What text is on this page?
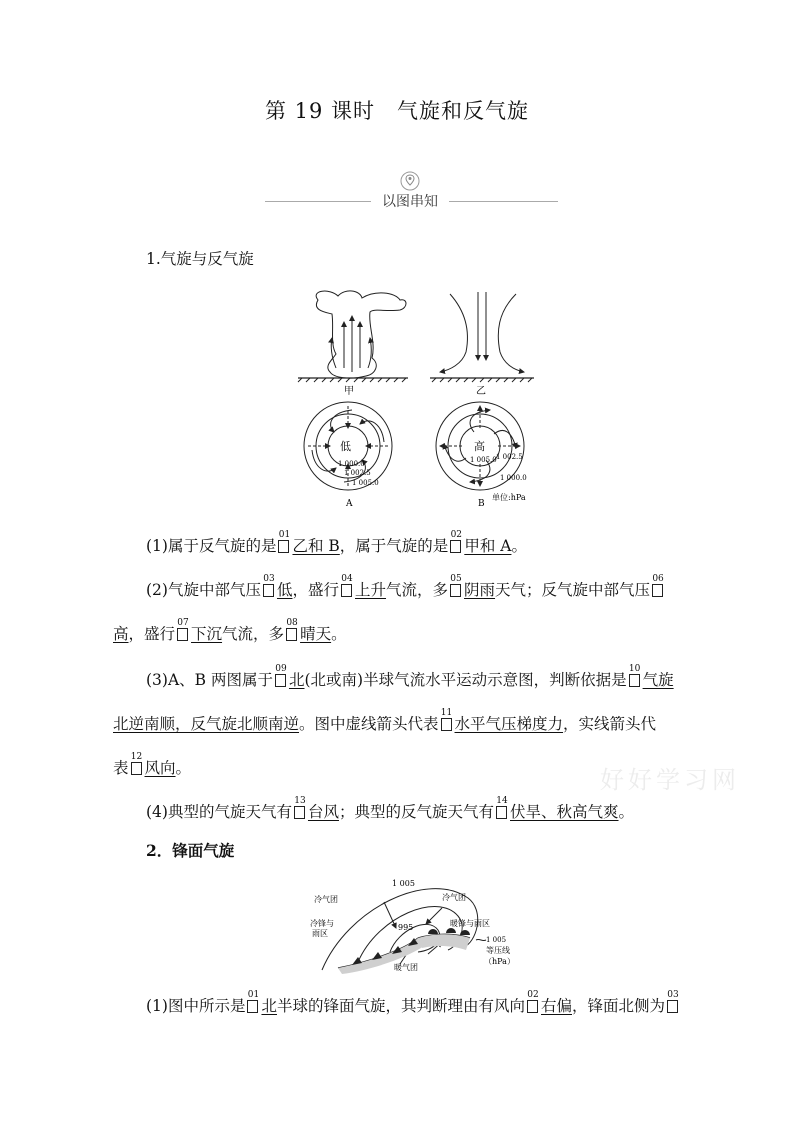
第 19 课时　气旋和反气旋
以图串知
1.气旋与反气旋
甲	乙
低
1 000.0
1 002.5
1 005.0
A
高
1 005.0 1 002.5
1 000.0
B
单位:hPa
(1)属于反气旋的是
01
乙和 B，属于气旋的是
02
甲和 A。
(2)气旋中部气压
03
低，盛行
04
上升气流，多
05
阴雨天气；反气旋中部气压
06
高，盛行
07
下沉气流，多
08
晴天。
(3)A、B 两图属于
09
北(北或南)半球气流水平运动示意图，判断依据是
10
气旋
北逆南顺，反气旋北顺南逆。图中虚线箭头代表
11
水平气压梯度力，实线箭头代
表
12
风向。
(4)典型的气旋天气有
13
台风；典型的反气旋天气有
14
伏旱、秋高气爽。
2．锋面气旋
冷气团
1 005
冷气团
995
冷锋与
雨区
暖锋与雨区
暖气团
1 005
等压线
（hPa）
(1)图中所示是
01
北半球的锋面气旋，其判断理由有风向
02
右偏，锋面北侧为
03
好好学习网
